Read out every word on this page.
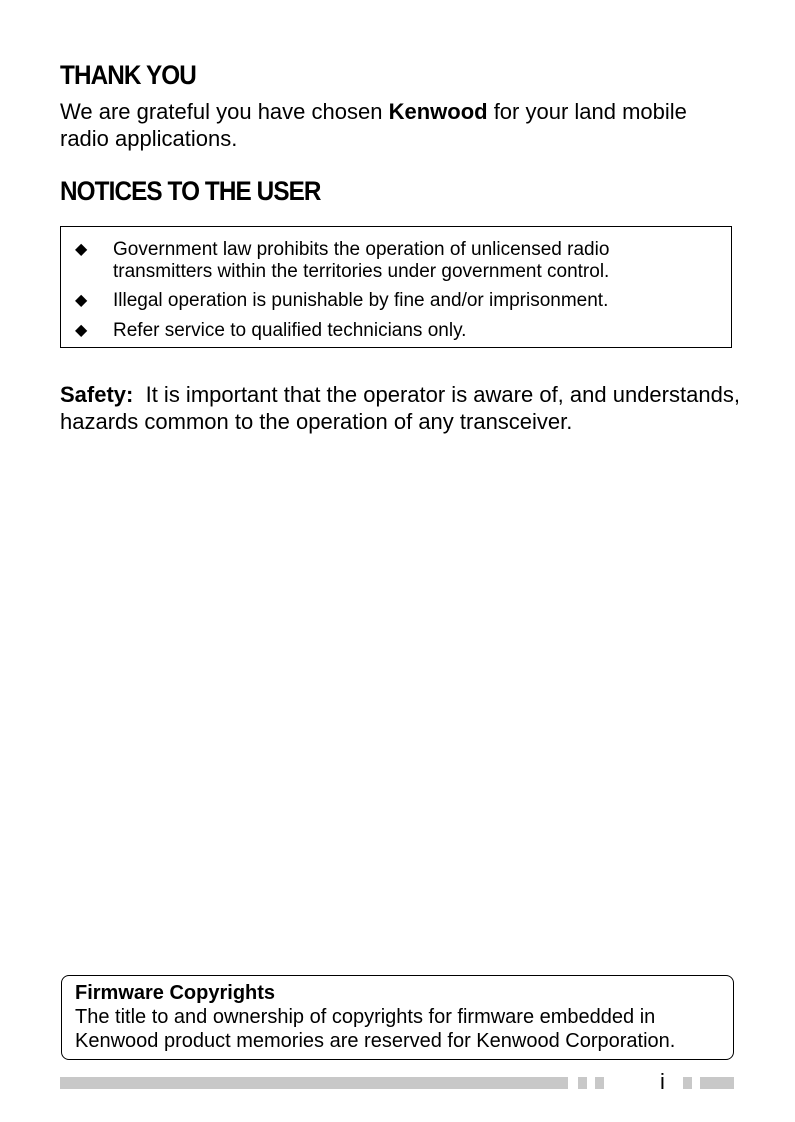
THANK YOU

We are grateful you have chosen Kenwood for your land mobile radio applications.

NOTICES TO THE USER
◆ Government law prohibits the operation of unlicensed radio transmitters within the territories under government control.
◆ Illegal operation is punishable by fine and/or imprisonment.
◆ Refer service to qualified technicians only.

Safety: It is important that the operator is aware of, and understands, hazards common to the operation of any transceiver.

Firmware Copyrights

The title to and ownership of copyrights for firmware embedded in Kenwood product memories are reserved for Kenwood Corporation.

i
